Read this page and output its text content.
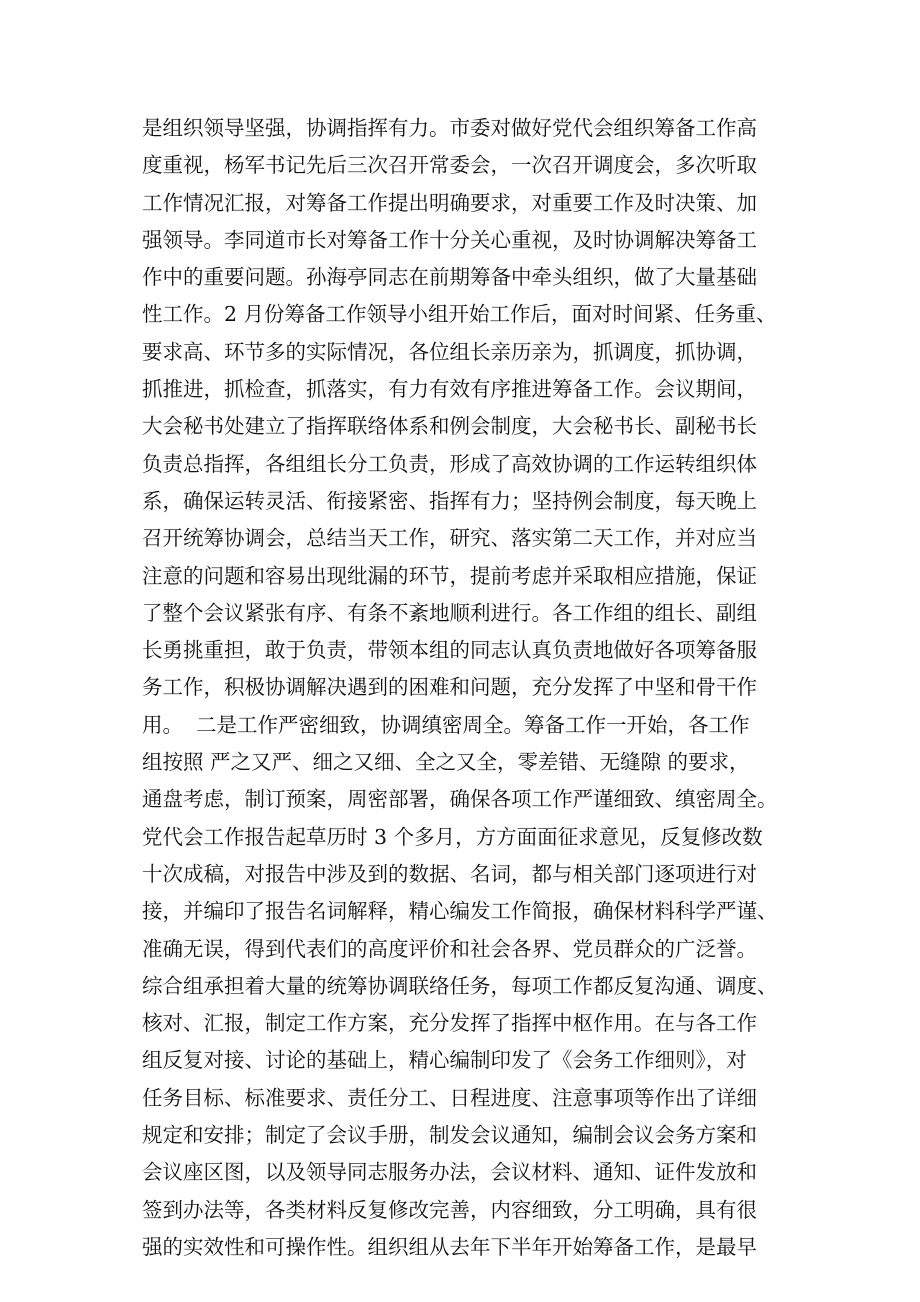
是组织领导坚强，协调指挥有力。市委对做好党代会组织筹备工作高
度重视，杨军书记先后三次召开常委会，一次召开调度会，多次听取
工作情况汇报，对筹备工作提出明确要求，对重要工作及时决策、加
强领导。李同道市长对筹备工作十分关心重视，及时协调解决筹备工
作中的重要问题。孙海亭同志在前期筹备中牵头组织，做了大量基础
性工作。2 月份筹备工作领导小组开始工作后，面对时间紧、任务重、
要求高、环节多的实际情况，各位组长亲历亲为，抓调度，抓协调，
抓推进，抓检查，抓落实，有力有效有序推进筹备工作。会议期间，
大会秘书处建立了指挥联络体系和例会制度，大会秘书长、副秘书长
负责总指挥，各组组长分工负责，形成了高效协调的工作运转组织体
系，确保运转灵活、衔接紧密、指挥有力；坚持例会制度，每天晚上
召开统筹协调会，总结当天工作，研究、落实第二天工作，并对应当
注意的问题和容易出现纰漏的环节，提前考虑并采取相应措施，保证
了整个会议紧张有序、有条不紊地顺利进行。各工作组的组长、副组
长勇挑重担，敢于负责，带领本组的同志认真负责地做好各项筹备服
务工作，积极协调解决遇到的困难和问题，充分发挥了中坚和骨干作
用。  二是工作严密细致，协调缜密周全。筹备工作一开始，各工作
组按照 严之又严、细之又细、全之又全，零差错、无缝隙 的要求，
通盘考虑，制订预案，周密部署，确保各项工作严谨细致、缜密周全。
党代会工作报告起草历时 3 个多月，方方面面征求意见，反复修改数
十次成稿，对报告中涉及到的数据、名词，都与相关部门逐项进行对
接，并编印了报告名词解释，精心编发工作简报，确保材料科学严谨、
准确无误，得到代表们的高度评价和社会各界、党员群众的广泛誉。
综合组承担着大量的统筹协调联络任务，每项工作都反复沟通、调度、
核对、汇报，制定工作方案，充分发挥了指挥中枢作用。在与各工作
组反复对接、讨论的基础上，精心编制印发了《会务工作细则》，对
任务目标、标准要求、责任分工、日程进度、注意事项等作出了详细
规定和安排；制定了会议手册，制发会议通知，编制会议会务方案和
会议座区图，以及领导同志服务办法，会议材料、通知、证件发放和
签到办法等，各类材料反复修改完善，内容细致，分工明确，具有很
强的实效性和可操作性。组织组从去年下半年开始筹备工作，是最早
